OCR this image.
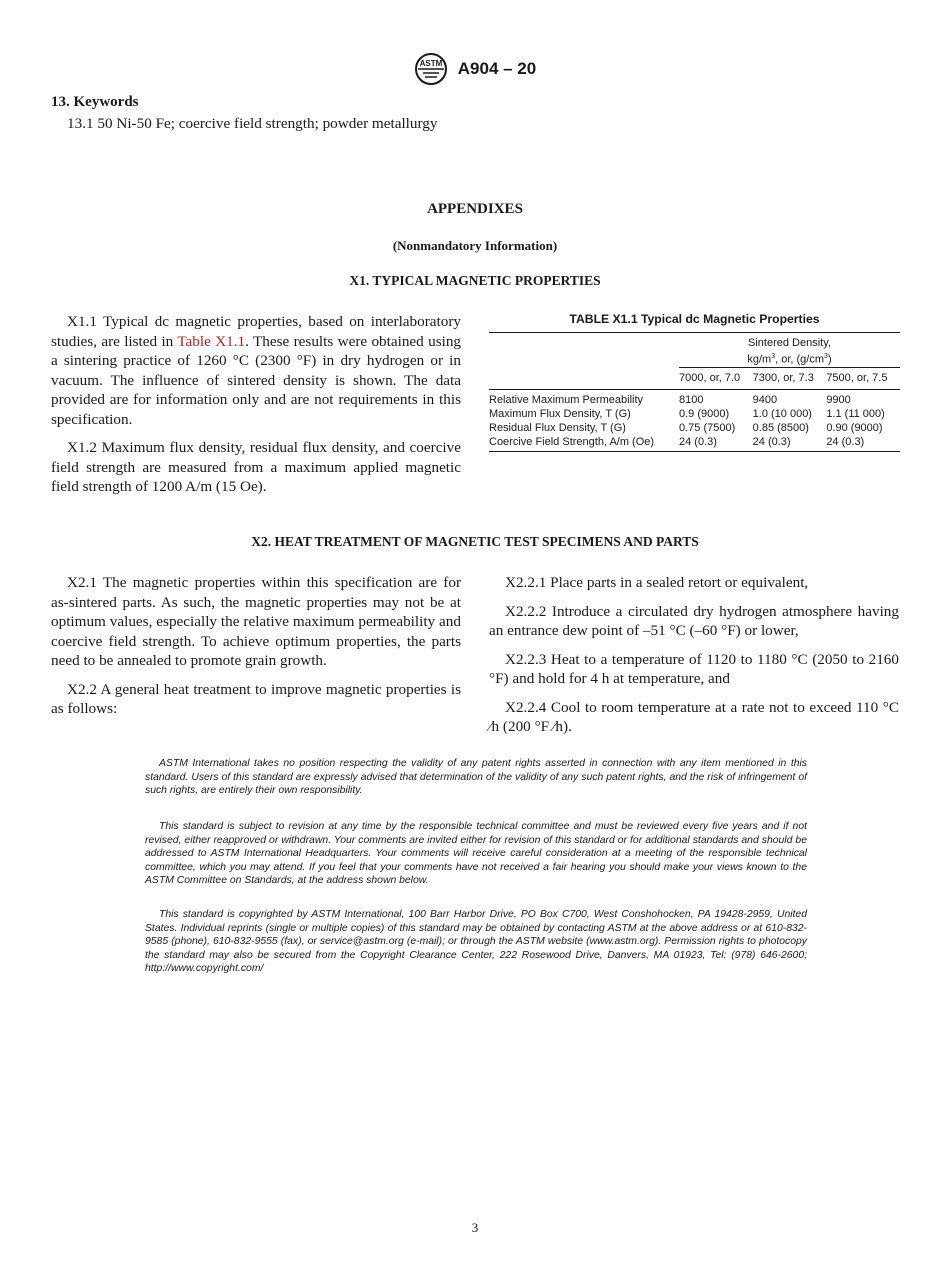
ASTM A904 – 20
13. Keywords

13.1 50 Ni-50 Fe; coercive field strength; powder metallurgy

APPENDIXES
(Nonmandatory Information)
X1. TYPICAL MAGNETIC PROPERTIES

X1.1 Typical dc magnetic properties, based on interlaboratory studies, are listed in Table X1.1. These results were obtained using a sintering practice of 1260 °C (2300 °F) in dry hydrogen or in vacuum. The influence of sintered density is shown. The data provided are for information only and are not requirements in this specification.

X1.2 Maximum flux density, residual flux density, and coercive field strength are measured from a maximum applied magnetic field strength of 1200 A/m (15 Oe).

TABLE X1.1 Typical dc Magnetic Properties

	Sintered Density,
$kg/m^3$, or, $(g/cm^3)$		

	7000, or, 7.0	7300, or, 7.3	7500, or, 7.5
Relative Maximum Permeability	8100	9400	9900
Maximum Flux Density, T (G)	0.9 (9000)	1.0 (10 000)	1.1 (11 000)
Residual Flux Density, T (G)	0.75 (7500)	0.85 (8500)	0.90 (9000)
Coercive Field Strength, A/m (Oe)	24 (0.3)	24 (0.3)	24 (0.3)
X2. HEAT TREATMENT OF MAGNETIC TEST SPECIMENS AND PARTS

X2.1 The magnetic properties within this specification are for as-sintered parts. As such, the magnetic properties may not be at optimum values, especially the relative maximum permeability and coercive field strength. To achieve optimum properties, the parts need to be annealed to promote grain growth.

X2.2 A general heat treatment to improve magnetic properties is as follows:

X2.2.1 Place parts in a sealed retort or equivalent,

X2.2.2 Introduce a circulated dry hydrogen atmosphere having an entrance dew point of –51 °C (–60 °F) or lower,

X2.2.3 Heat to a temperature of 1120 to 1180 °C (2050 to 2160 °F) and hold for 4 h at temperature, and

X2.2.4 Cool to room temperature at a rate not to exceed 110 °C ⁄h (200 °F ⁄h).

ASTM International takes no position respecting the validity of any patent rights asserted in connection with any item mentioned in this standard. Users of this standard are expressly advised that determination of the validity of any such patent rights, and the risk of infringement of such rights, are entirely their own responsibility.

This standard is subject to revision at any time by the responsible technical committee and must be reviewed every five years and if not revised, either reapproved or withdrawn. Your comments are invited either for revision of this standard or for additional standards and should be addressed to ASTM International Headquarters. Your comments will receive careful consideration at a meeting of the responsible technical committee, which you may attend. If you feel that your comments have not received a fair hearing you should make your views known to the ASTM Committee on Standards, at the address shown below.

This standard is copyrighted by ASTM International, 100 Barr Harbor Drive, PO Box C700, West Conshohocken, PA 19428-2959, United States. Individual reprints (single or multiple copies) of this standard may be obtained by contacting ASTM at the above address or at 610-832-9585 (phone), 610-832-9555 (fax), or service@astm.org (e-mail); or through the ASTM website (www.astm.org). Permission rights to photocopy the standard may also be secured from the Copyright Clearance Center, 222 Rosewood Drive, Danvers, MA 01923, Tel: (978) 646-2600; http://www.copyright.com/

3
